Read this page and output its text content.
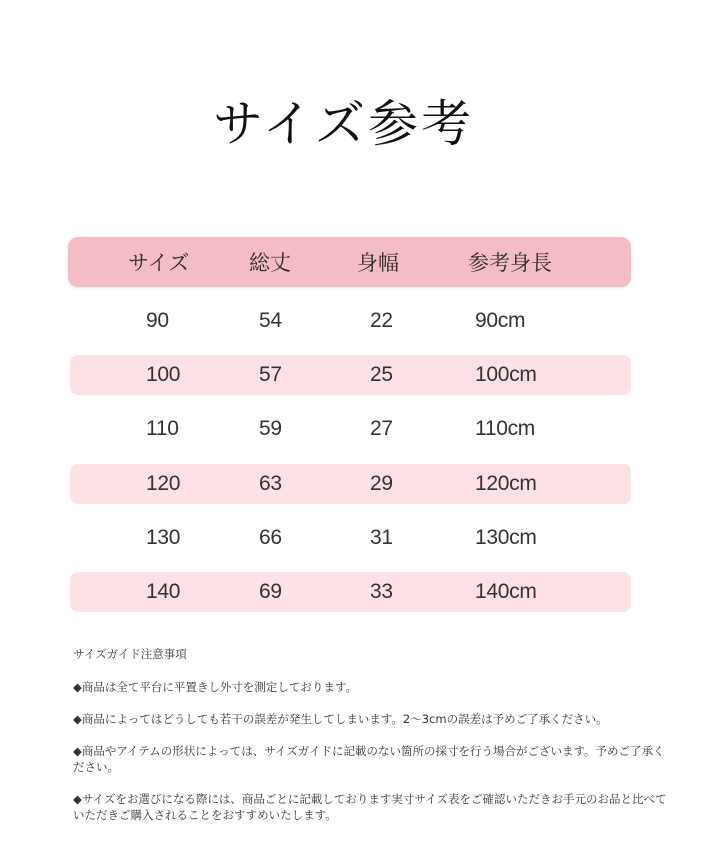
サイズ参考
サイズ	総丈	身幅	参考身長
90	54	22	90cm
100	57	25	100cm
110	59	27	110cm
120	63	29	120cm
130	66	31	130cm
140	69	33	140cm

サイズガイド注意事項

◆商品は全て平台に平置きし外寸を測定しております。

◆商品によってはどうしても若干の誤差が発生してしまいます。2～3cmの誤差は予めご了承ください。

◆商品やアイテムの形状によっては、サイズガイドに記載のない箇所の採寸を行う場合がございます。予めご了承ください。

◆サイズをお選びになる際には、商品ごとに記載しております実寸サイズ表をご確認いただきお手元のお品と比べていただきご購入されることをおすすめいたします。
